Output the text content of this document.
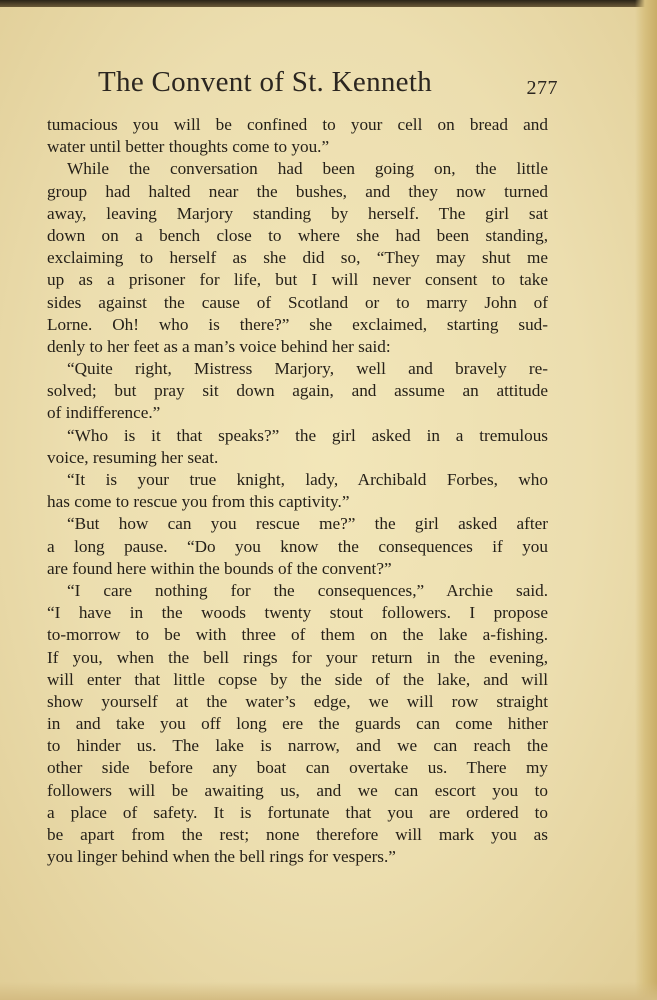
The Convent of St. Kenneth	277
tumacious you will be confined to your cell on bread and
water until better thoughts come to you.”
While the conversation had been going on, the little
group had halted near the bushes, and they now turned
away, leaving Marjory standing by herself. The girl sat
down on a bench close to where she had been standing,
exclaiming to herself as she did so, “They may shut me
up as a prisoner for life, but I will never consent to take
sides against the cause of Scotland or to marry John of
Lorne. Oh! who is there?” she exclaimed, starting sud-
denly to her feet as a man’s voice behind her said:
“Quite right, Mistress Marjory, well and bravely re-
solved; but pray sit down again, and assume an attitude
of indifference.”
“Who is it that speaks?” the girl asked in a tremulous
voice, resuming her seat.
“It is your true knight, lady, Archibald Forbes, who
has come to rescue you from this captivity.”
“But how can you rescue me?” the girl asked after
a long pause. “Do you know the consequences if you
are found here within the bounds of the convent?”
“I care nothing for the consequences,” Archie said.
“I have in the woods twenty stout followers. I propose
to-morrow to be with three of them on the lake a-fishing.
If you, when the bell rings for your return in the evening,
will enter that little copse by the side of the lake, and will
show yourself at the water’s edge, we will row straight
in and take you off long ere the guards can come hither
to hinder us. The lake is narrow, and we can reach the
other side before any boat can overtake us. There my
followers will be awaiting us, and we can escort you to
a place of safety. It is fortunate that you are ordered to
be apart from the rest; none therefore will mark you as
you linger behind when the bell rings for vespers.”
